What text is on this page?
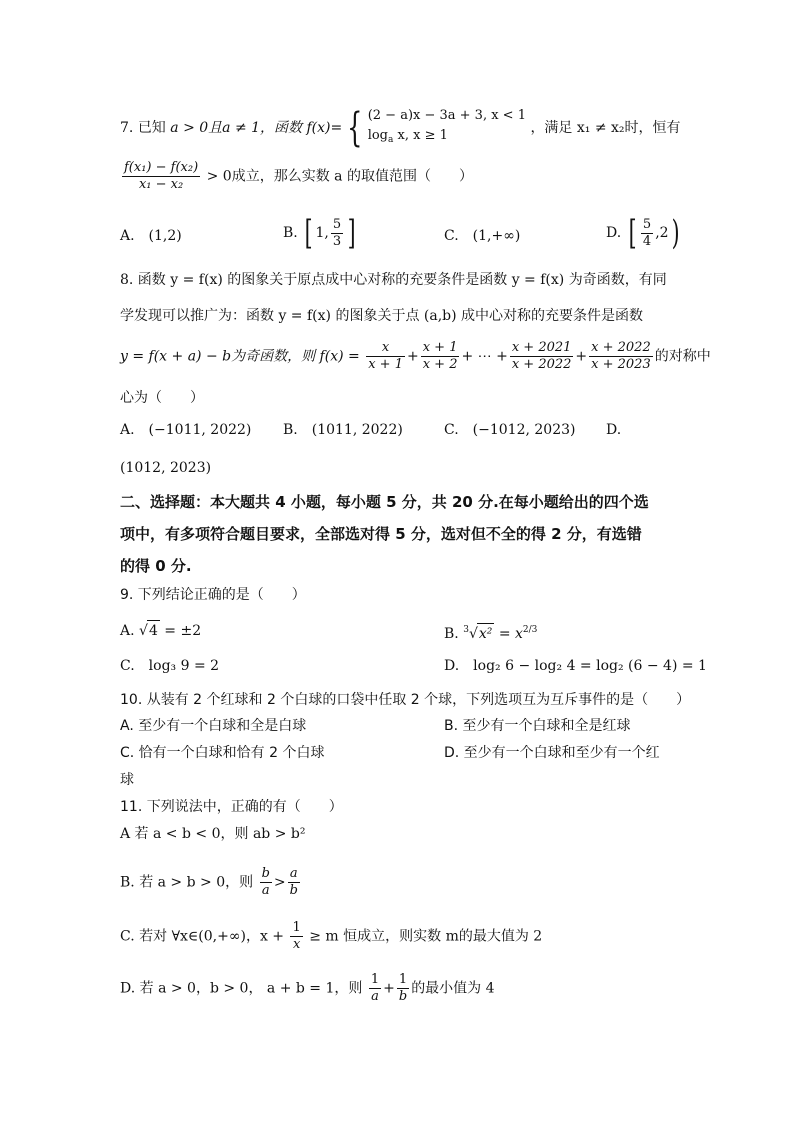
7. 已知 a > 0且a ≠ 1，函数 f(x)= { (2 − a)x − 3a + 3, x < 1
$\log_a x$, x ≥ 1	，满足 x₁ ≠ x₂时，恒有
$\frac{\text{f(x₁) − f(x₂)}}{\text{x₁ − x₂}} > 0$成立，那么实数 a 的取值范围（　　）
A.　(1,2)	B. [ 1, $\frac{5}{3}$ ]	C.　(1,+∞)	D. [ $\frac{5}{4} ,2$)
8. 函数 y = f(x) 的图象关于原点成中心对称的充要条件是函数 y = f(x) 为奇函数，有同
学发现可以推广为：函数 y = f(x) 的图象关于点 (a,b) 成中心对称的充要条件是函数
y = f(x + a) − b为奇函数，则 $f(x) = \frac{x}{x + 1} + \frac{x + 1}{x + 2}$ + ⋯ + $\frac{x + 2021}{x + 2022} + \frac{x + 2022}{x + 2023}$ 的对称中
心为（　　）
A.　(−1011, 2022) B.　(1011, 2022)	C.　(−1012, 2023) D.
(1012, 2023)
二、选择题：本大题共 4 小题，每小题 5 分，共 20 分.在每小题给出的四个选
项中，有多项符合题目要求，全部选对得 5 分，选对但不全的得 2 分，有选错
的得 0 分.
9. 下列结论正确的是（　　）
A. √4 = ±2	B. $^3√x^2 = x^{2/3}$
C.　log₃ 9 = 2	D.　log₂ 6 − log₂ 4 = log₂ (6 − 4) = 1
10. 从装有 2 个红球和 2 个白球的口袋中任取 2 个球，下列选项互为互斥事件的是（　　）
A. 至少有一个白球和全是白球	B. 至少有一个白球和全是红球
C. 恰有一个白球和恰有 2 个白球	D. 至少有一个白球和至少有一个红
球
11. 下列说法中，正确的有（　　）
A 若 a < b < 0，则 ab > b²
B. 若 a > b > 0，则 $\frac{b}{a} > \frac{a}{b}$
C. 若对 ∀x∈(0,+∞)，$x + \frac{1}{x} \ge m$ 恒成立，则实数 m的最大值为 2
D. 若 a > 0，b > 0， a + b = 1，则 $\frac{1}{a} + \frac{1}{b}$ 的最小值为 4
